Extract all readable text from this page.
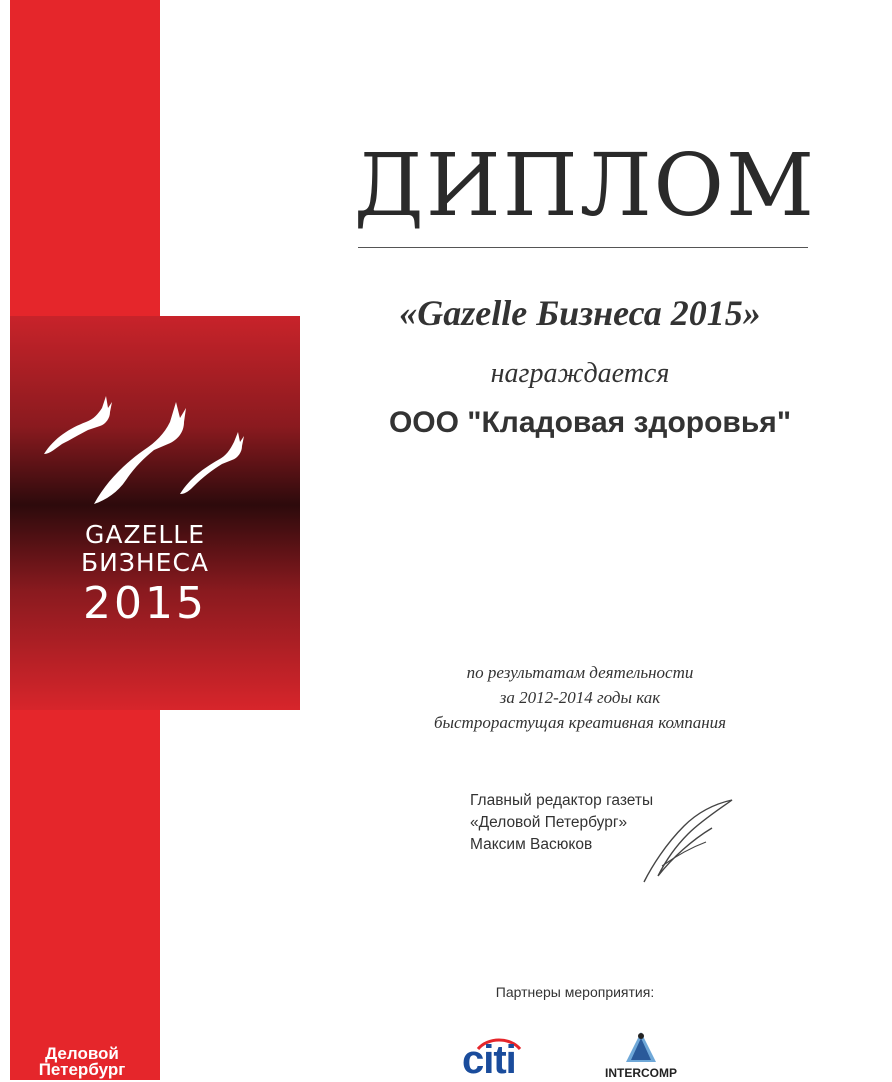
GAZELLE
БИЗНЕСА
2015
Деловой
Петербург
ДИПЛОМ
«Gazelle Бизнеса 2015»
награждается
ООО "Кладовая здоровья"
по результатам деятельности
за 2012-2014 годы как
быстрорастущая креативная компания
Главный редактор газеты
«Деловой Петербург»
Максим Васюков
Партнеры мероприятия:
citi	INTERCOMP
